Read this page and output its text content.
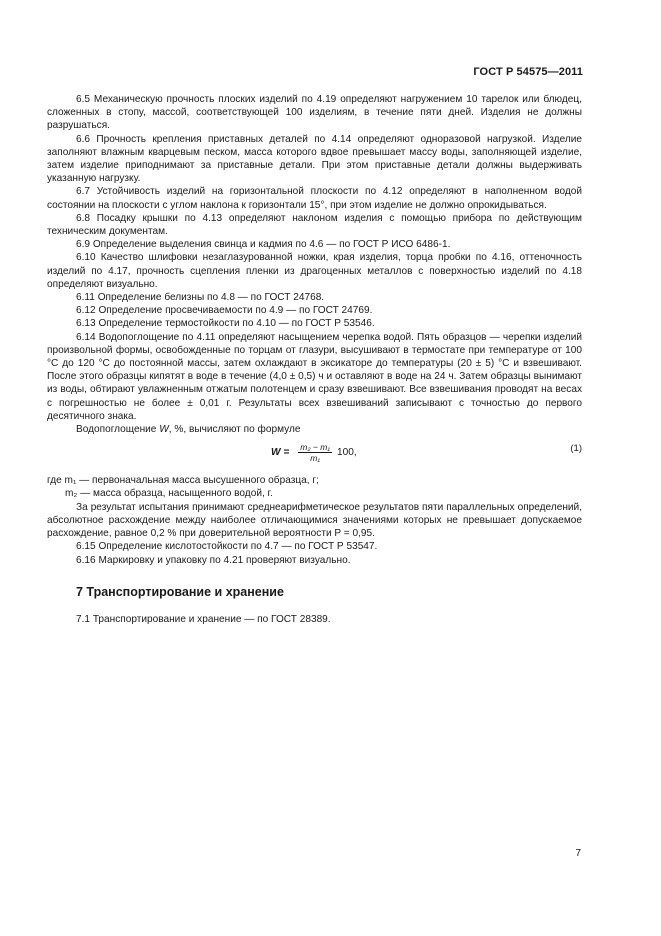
ГОСТ Р 54575—2011

6.5 Механическую прочность плоских изделий по 4.19 определяют нагружением 10 тарелок или блюдец, сложенных в стопу, массой, соответствующей 100 изделиям, в течение пяти дней. Изделия не должны разрушаться.

6.6 Прочность крепления приставных деталей по 4.14 определяют одноразовой нагрузкой. Изделие заполняют влажным кварцевым песком, масса которого вдвое превышает массу воды, заполняющей изделие, затем изделие приподнимают за приставные детали. При этом приставные детали должны выдерживать указанную нагрузку.

6.7 Устойчивость изделий на горизонтальной плоскости по 4.12 определяют в наполненном водой состоянии на плоскости с углом наклона к горизонтали 15°, при этом изделие не должно опрокидываться.

6.8 Посадку крышки по 4.13 определяют наклоном изделия с помощью прибора по действующим техническим документам.

6.9 Определение выделения свинца и кадмия по 4.6 — по ГОСТ Р ИСО 6486-1.

6.10 Качество шлифовки незаглазурованной ножки, края изделия, торца пробки по 4.16, оттеночность изделий по 4.17, прочность сцепления пленки из драгоценных металлов с поверхностью изделий по 4.18 определяют визуально.

6.11 Определение белизны по 4.8 — по ГОСТ 24768.

6.12 Определение просвечиваемости по 4.9 — по ГОСТ 24769.

6.13 Определение термостойкости по 4.10 — по ГОСТ Р 53546.

6.14 Водопоглощение по 4.11 определяют насыщением черепка водой. Пять образцов — черепки изделий произвольной формы, освобожденные по торцам от глазури, высушивают в термостате при температуре от 100 °С до 120 °С до постоянной массы, затем охлаждают в эксикаторе до температуры (20 ± 5) °С и взвешивают. После этого образцы кипятят в воде в течение (4,0 ± 0,5) ч и оставляют в воде на 24 ч. Затем образцы вынимают из воды, обтирают увлажненным отжатым полотенцем и сразу взвешивают. Все взвешивания проводят на весах с погрешностью не более ± 0,01 г. Результаты всех взвешиваний записывают с точностью до первого десятичного знака.

Водопоглощение W, %, вычисляют по формуле

$W = \frac{\text{m₂ − m₁}}{\text{m₁}} 100$,	(1)

где m₁ — первоначальная масса высушенного образца, г;

m₂ — масса образца, насыщенного водой, г.

За результат испытания принимают среднеарифметическое результатов пяти параллельных определений, абсолютное расхождение между наиболее отличающимися значениями которых не превышает допускаемое расхождение, равное 0,2 % при доверительной вероятности P = 0,95.

6.15 Определение кислотостойкости по 4.7 — по ГОСТ Р 53547.

6.16 Маркировку и упаковку по 4.21 проверяют визуально.

7 Транспортирование и хранение

7.1 Транспортирование и хранение — по ГОСТ 28389.

7
